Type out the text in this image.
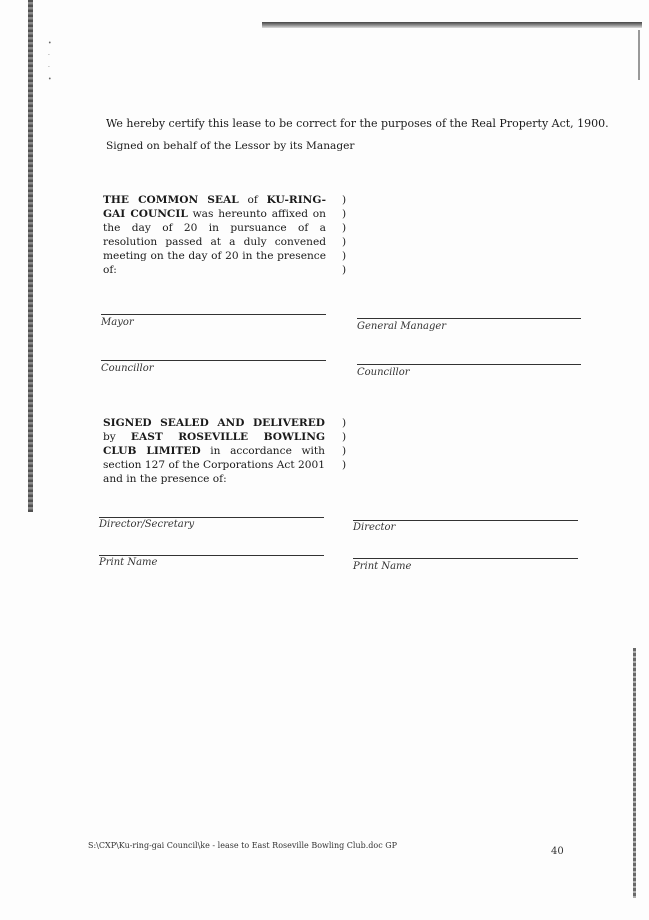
•
·
·
•
We hereby certify this lease to be correct for the purposes of the Real Property Act, 1900.
Signed on behalf of the Lessor by its Manager
THE COMMON SEAL of KU-RING-GAI COUNCIL was hereunto affixed on the day of 20 in pursuance of a resolution passed at a duly convened meeting on the day of 20 in the presence of:
)
)
)
)
)
)
Mayor	General Manager
Councillor	Councillor
SIGNED SEALED AND DELIVERED by EAST ROSEVILLE BOWLING CLUB LIMITED in accordance with section 127 of the Corporations Act 2001 and in the presence of:
)
)
)
)
Director/Secretary	Director
Print Name	Print Name
S:\CXP\Ku-ring-gai Council\ke - lease to East Roseville Bowling Club.doc GP
40
